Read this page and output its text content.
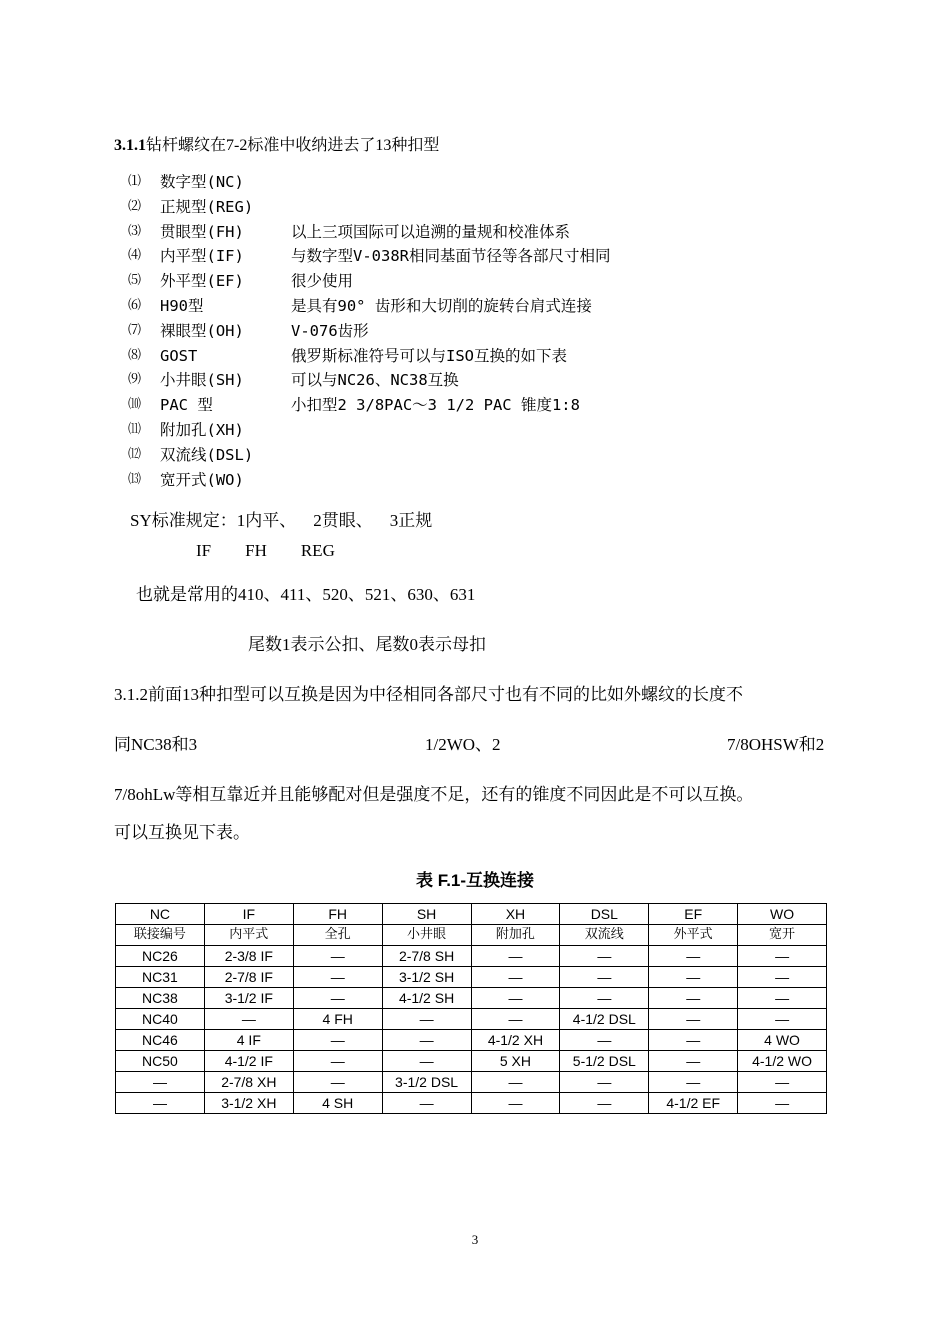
3.1.1钻杆螺纹在7-2标准中收纳进去了13种扣型
⑴	数字型(NC)
⑵	正规型(REG)
⑶	贯眼型(FH)	以上三项国际可以追溯的量规和校准体系
⑷	内平型(IF)	与数字型V-038R相同基面节径等各部尺寸相同
⑸	外平型(EF)	很少使用
⑹	H90型	是具有90° 齿形和大切削的旋转台肩式连接
⑺	裸眼型(OH)	V-076齿形
⑻	GOST	俄罗斯标准符号可以与ISO互换的如下表
⑼	小井眼(SH)	可以与NC26、NC38互换
⑽	PAC 型	小扣型2 3/8PAC～3 1/2 PAC 锥度1:8
⑾	附加孔(XH)
⑿	双流线(DSL)
⒀	宽开式(WO)
SY标准规定：1内平、    2贯眼、    3正规
IF        FH        REG
也就是常用的410、411、520、521、630、631
尾数1表示公扣、尾数0表示母扣
3.1.2前面13种扣型可以互换是因为中径相同各部尺寸也有不同的比如外螺纹的长度不
同NC38和3	1/2WO、2	7/8OHSW和2
7/8ohLw等相互靠近并且能够配对但是强度不足，还有的锥度不同因此是不可以互换。
可以互换见下表。
表 F.1-互换连接
NC	IF	FH	SH	XH	DSL	EF	WO
联接编号	内平式	全孔	小井眼	附加孔	双流线	外平式	宽开
NC26	2-3/8 IF	—	2-7/8 SH	—	—	—	—
NC31	2-7/8 IF	—	3-1/2 SH	—	—	—	—
NC38	3-1/2 IF	—	4-1/2 SH	—	—	—	—
NC40	—	4 FH	—	—	4-1/2 DSL	—	—
NC46	4 IF	—	—	4-1/2 XH	—	—	4 WO
NC50	4-1/2 IF	—	—	5 XH	5-1/2 DSL	—	4-1/2 WO
—	2-7/8 XH	—	3-1/2 DSL	—	—	—	—
—	3-1/2 XH	4 SH	—	—	—	4-1/2 EF	—
3
